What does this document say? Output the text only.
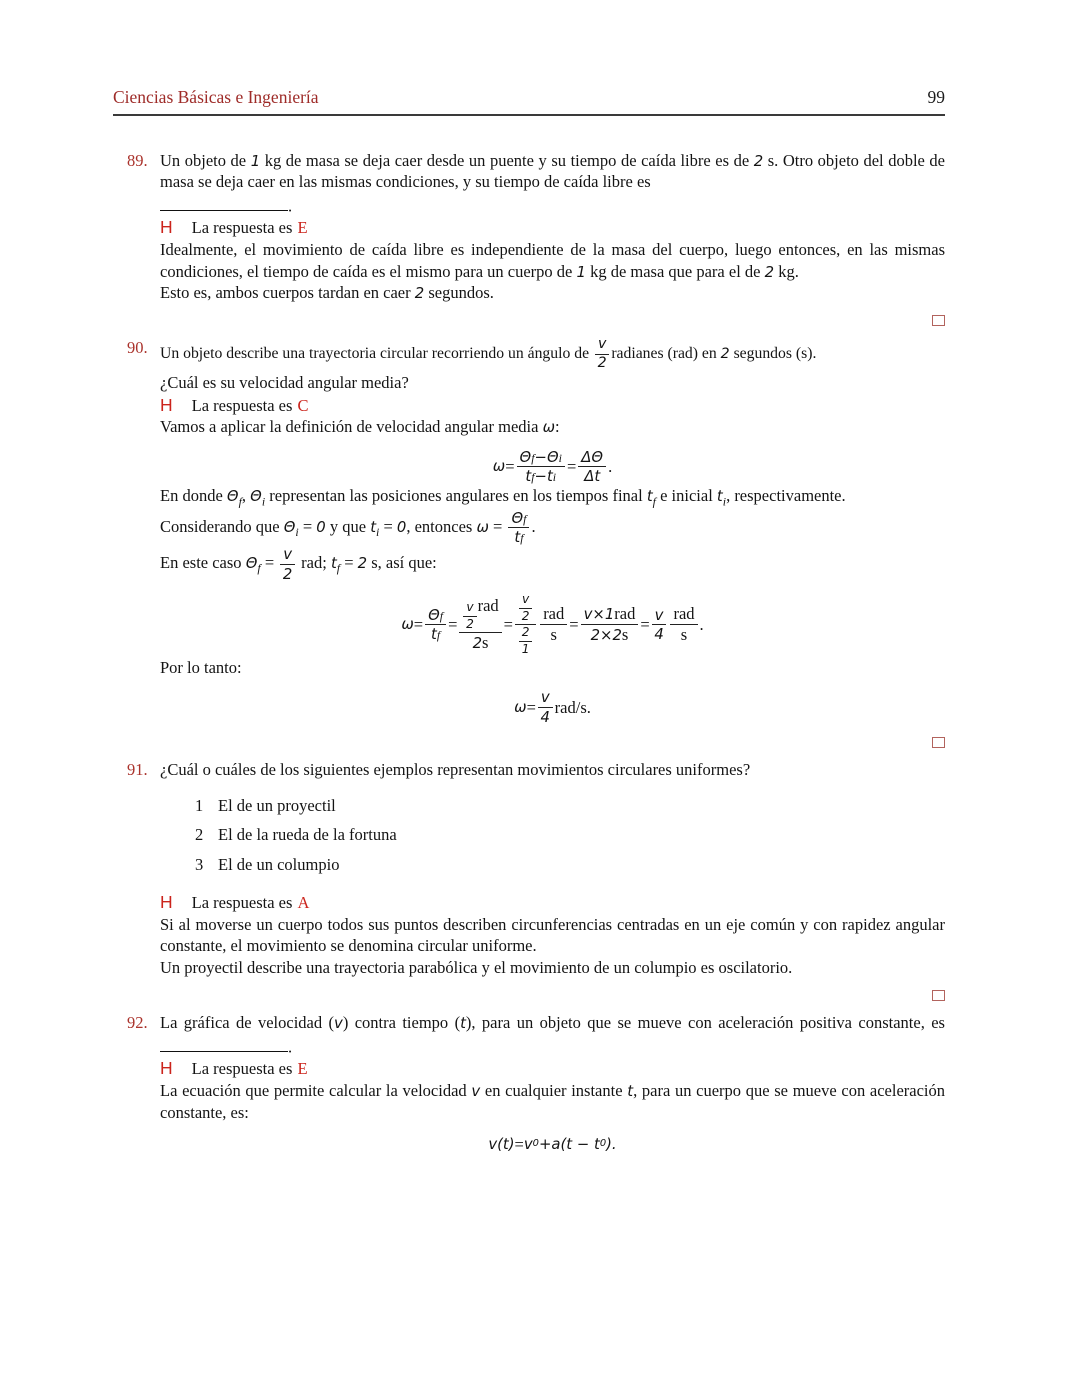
Ciencias Básicas e Ingeniería	99
89. Un objeto de 1 kg de masa se deja caer desde un puente y su tiempo de caída libre es de 2 s. Otro objeto del doble de masa se deja caer en las mismas condiciones, y su tiempo de caída libre es

.

H La respuesta es E

Idealmente, el movimiento de caída libre es independiente de la masa del cuerpo, luego entonces, en las mismas condiciones, el tiempo de caída es el mismo para un cuerpo de 1 kg de masa que para el de 2 kg.

Esto es, ambos cuerpos tardan en caer 2 segundos.

90. Un objeto describe una trayectoria circular recorriendo un ángulo de $\frac{v}{2}$ radianes (rad) en 2 segundos (s).

¿Cuál es su velocidad angular media?

H La respuesta es C

Vamos a aplicar la definición de velocidad angular media ω:

$\omega = \frac{\text{Θ f − Θ i}}{\text{t f − t i}} = \frac{\Delta\Theta}{\Delta t}$ .

En donde $\Theta_f$, $\Theta_i$ representan las posiciones angulares en los tiempos final $t_f$ e inicial $t_i$, respectivamente.

Considerando que $\Theta_i = 0$ y que $t_i = 0$, entonces $\omega = \frac{\text{Θ f}}{\text{t f}}$ .

En este caso $\Theta_f = \frac{v}{2}$ rad; $t_f = 2$ s, así que:

$\omega = \frac{\text{Θ f}}{\text{t f}} = \frac{\frac{v}{2} rad}{2 s} = \frac{\frac{v}{2}}{\frac{2}{1}} \frac{\text{rad}}{s} = \frac{\text{v × 1 rad}}{2 \times 2 s} = \frac{v}{4} \frac{\text{rad}}{s}$ .

Por lo tanto:

$\omega = \frac{v}{4} rad/s$.
91. ¿Cuál o cuáles de los siguientes ejemplos representan movimientos circulares uniformes?

1 El de un proyectil
2 El de la rueda de la fortuna
3 El de un columpio

H La respuesta es A

Si al moverse un cuerpo todos sus puntos describen circunferencias centradas en un eje común y con rapidez angular constante, el movimiento se denomina circular uniforme.

Un proyectil describe una trayectoria parabólica y el movimiento de un columpio es oscilatorio.

92. La gráfica de velocidad (v) contra tiempo (t), para un objeto que se mueve con aceleración positiva constante, es .

H La respuesta es E

La ecuación que permite calcular la velocidad v en cualquier instante t, para un cuerpo que se mueve con aceleración constante, es:

v(t) = v 0 + a (t − t 0 ).
